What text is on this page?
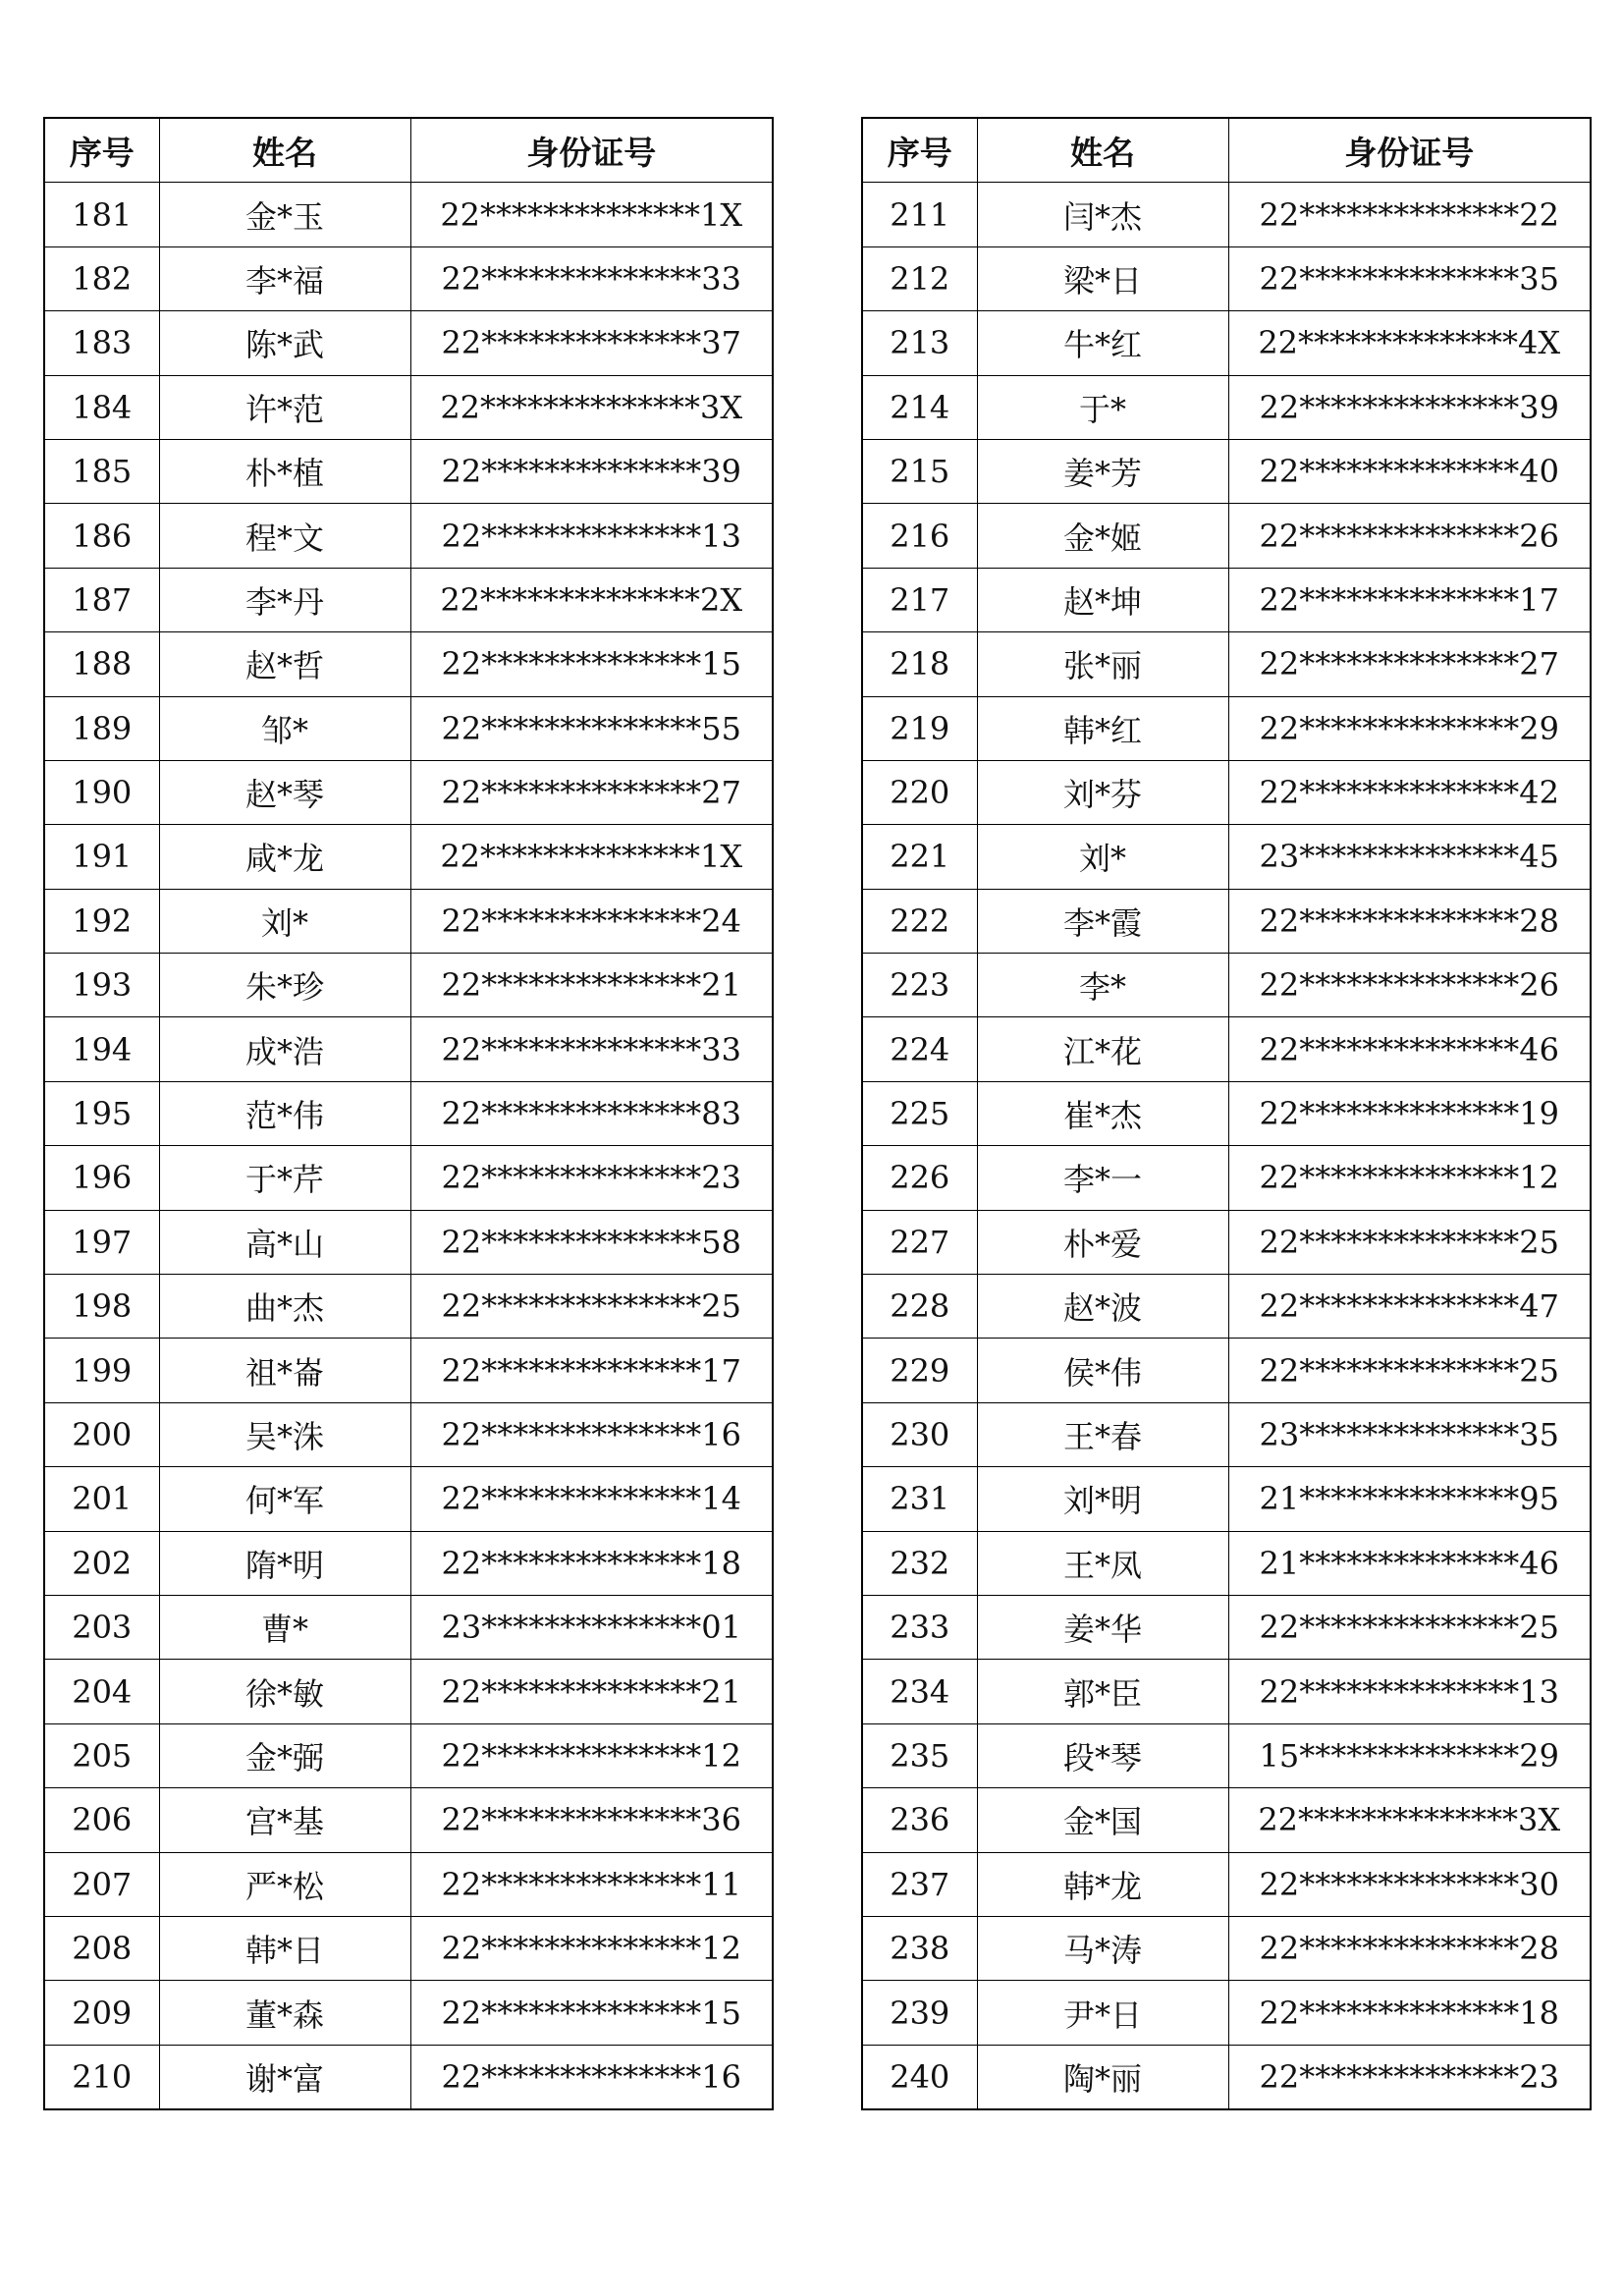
序号	姓名	身份证号
181	金*玉	22**************1X
182	李*福	22**************33
183	陈*武	22**************37
184	许*范	22**************3X
185	朴*植	22**************39
186	程*文	22**************13
187	李*丹	22**************2X
188	赵*哲	22**************15
189	邹*	22**************55
190	赵*琴	22**************27
191	咸*龙	22**************1X
192	刘*	22**************24
193	朱*珍	22**************21
194	成*浩	22**************33
195	范*伟	22**************83
196	于*芹	22**************23
197	高*山	22**************58
198	曲*杰	22**************25
199	祖*崙	22**************17
200	吴*洙	22**************16
201	何*军	22**************14
202	隋*明	22**************18
203	曹*	23**************01
204	徐*敏	22**************21
205	金*弼	22**************12
206	宫*基	22**************36
207	严*松	22**************11
208	韩*日	22**************12
209	董*森	22**************15
210	谢*富	22**************16
序号	姓名	身份证号
211	闫*杰	22**************22
212	梁*日	22**************35
213	牛*红	22**************4X
214	于*	22**************39
215	姜*芳	22**************40
216	金*姬	22**************26
217	赵*坤	22**************17
218	张*丽	22**************27
219	韩*红	22**************29
220	刘*芬	22**************42
221	刘*	23**************45
222	李*霞	22**************28
223	李*	22**************26
224	江*花	22**************46
225	崔*杰	22**************19
226	李*一	22**************12
227	朴*爱	22**************25
228	赵*波	22**************47
229	侯*伟	22**************25
230	王*春	23**************35
231	刘*明	21**************95
232	王*凤	21**************46
233	姜*华	22**************25
234	郭*臣	22**************13
235	段*琴	15**************29
236	金*国	22**************3X
237	韩*龙	22**************30
238	马*涛	22**************28
239	尹*日	22**************18
240	陶*丽	22**************23
